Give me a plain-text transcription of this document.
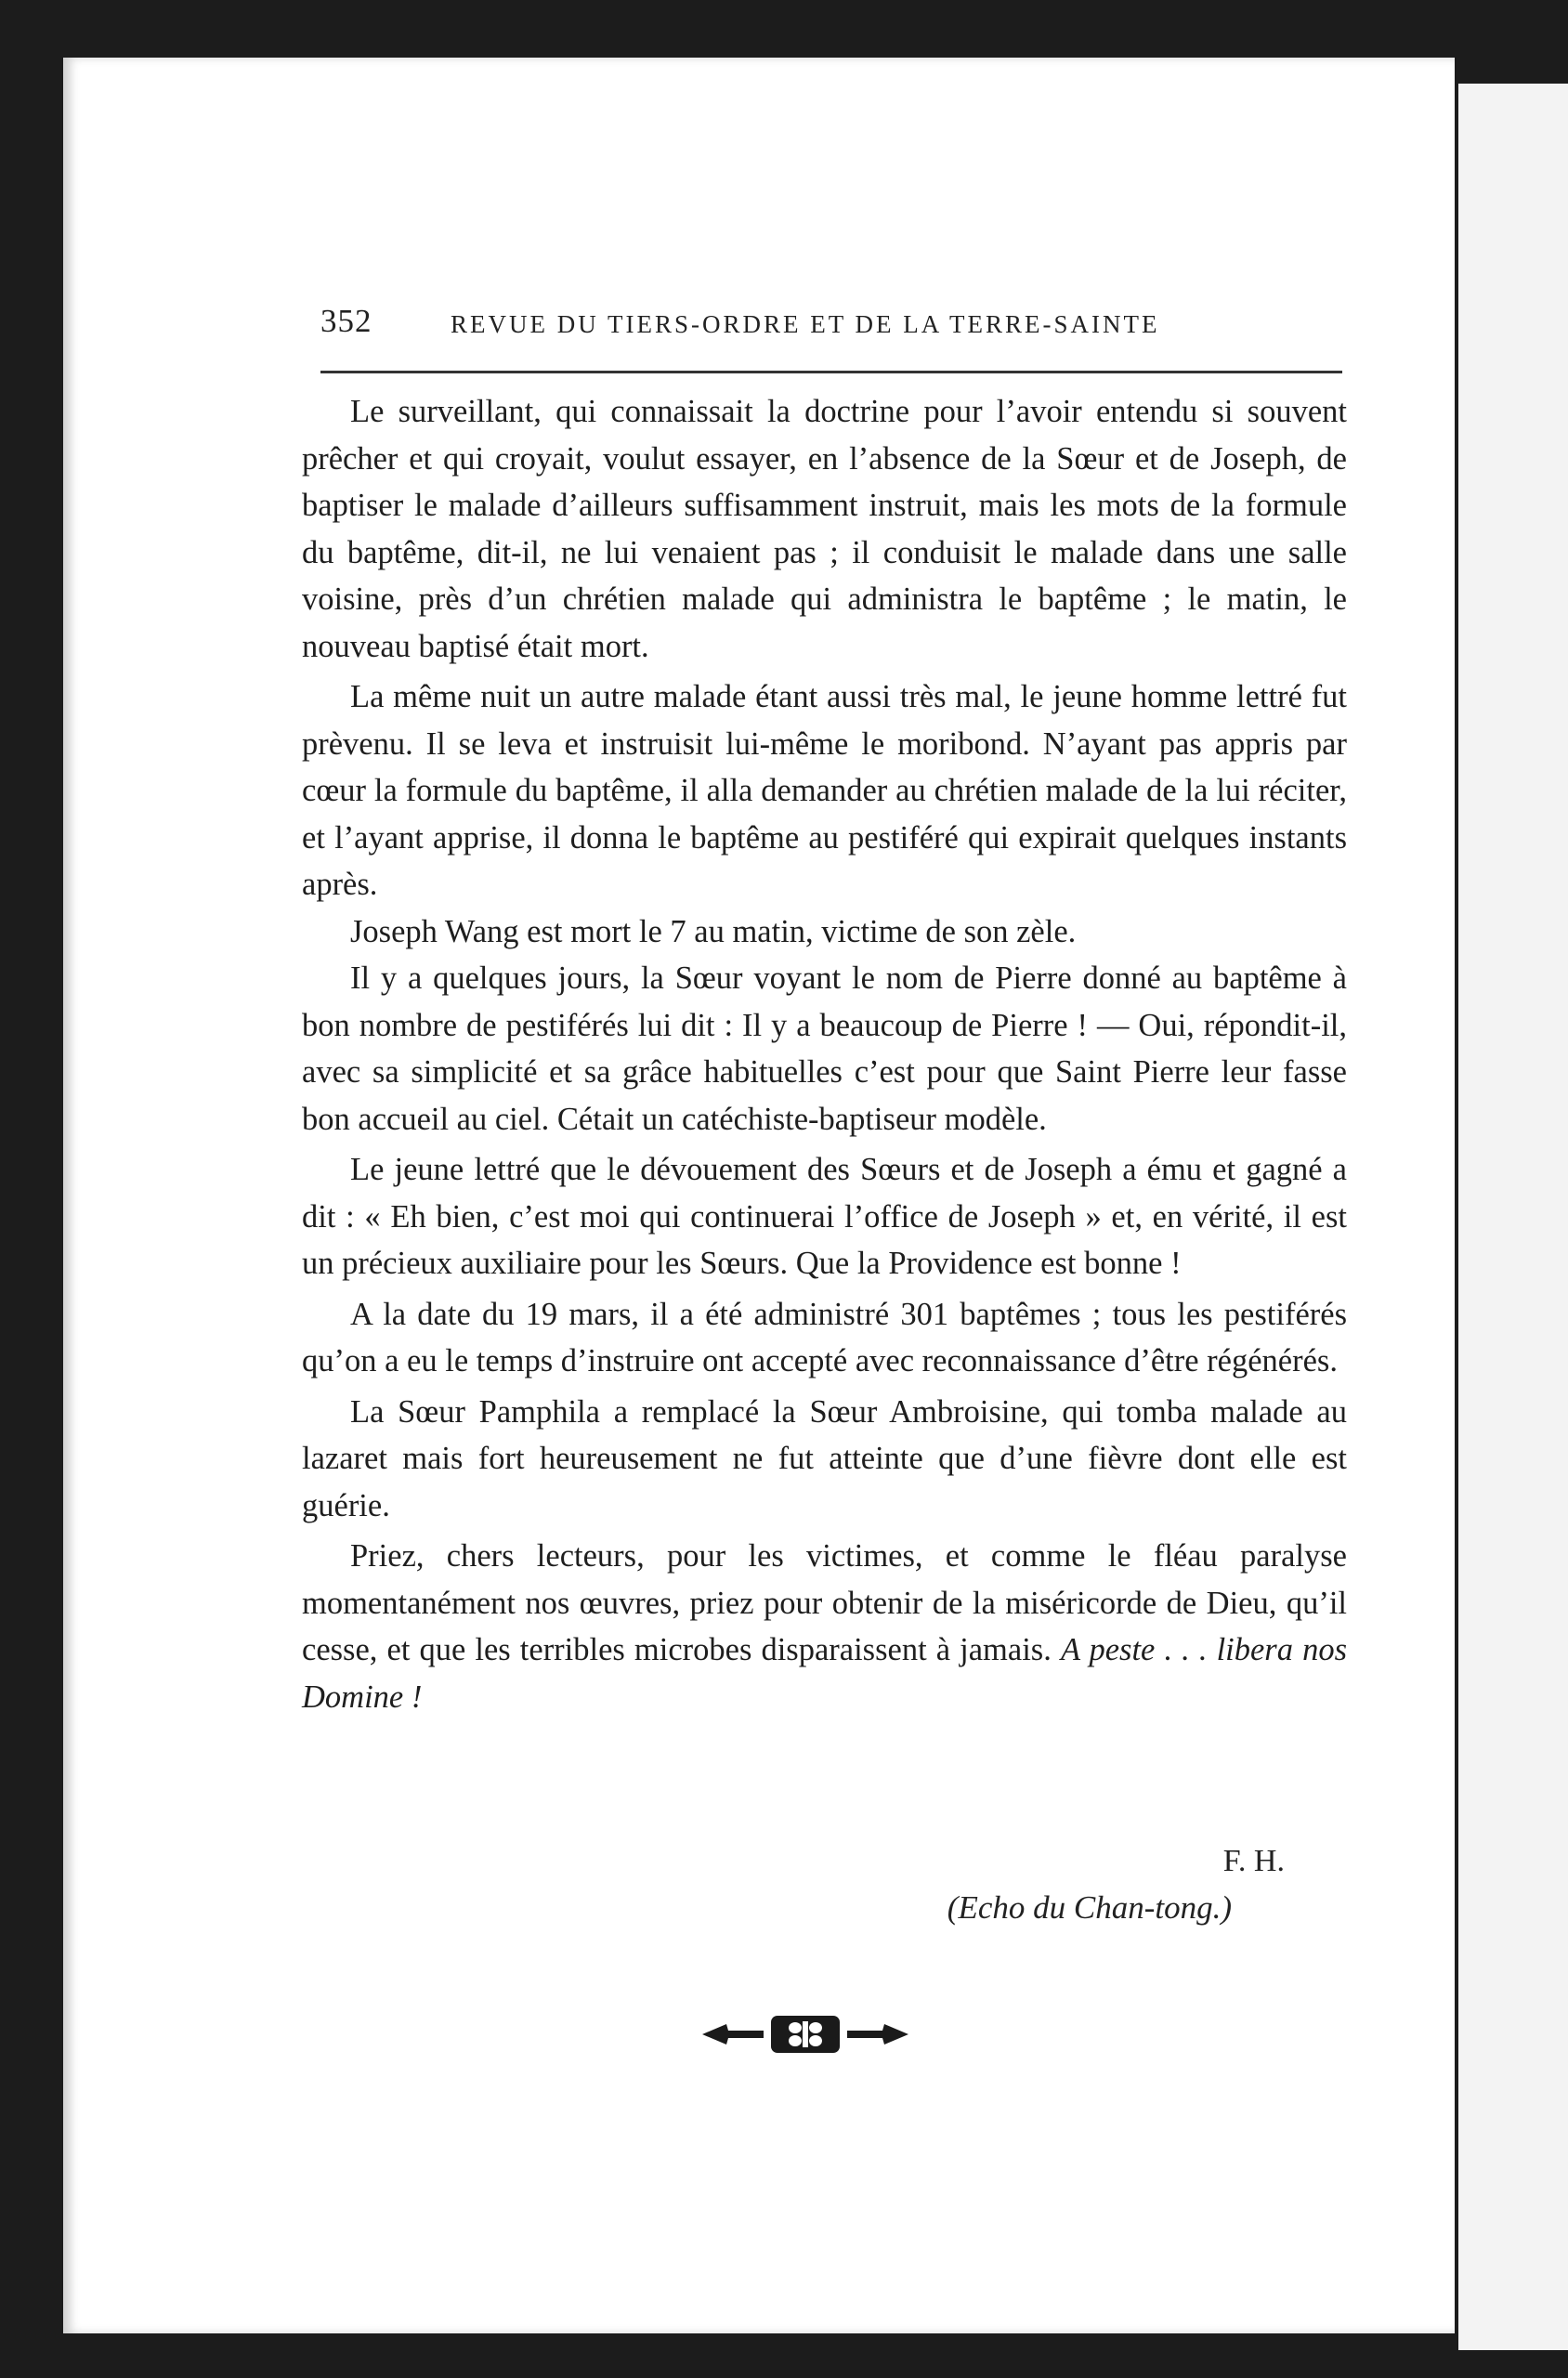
352	REVUE DU TIERS-ORDRE ET DE LA TERRE-SAINTE

Le surveillant, qui connaissait la doctrine pour l’avoir entendu si souvent prêcher et qui croyait, voulut essayer, en l’absence de la Sœur et de Joseph, de baptiser le malade d’ailleurs suffisamment instruit, mais les mots de la formule du baptême, dit-il, ne lui venaient pas ; il conduisit le malade dans une salle voisine, près d’un chrétien malade qui administra le baptême ; le matin, le nouveau baptisé était mort.

La même nuit un autre malade étant aussi très mal, le jeune homme lettré fut prèvenu. Il se leva et instruisit lui-même le moribond. N’ayant pas appris par cœur la formule du baptême, il alla demander au chrétien malade de la lui réciter, et l’ayant apprise, il donna le baptême au pestiféré qui expirait quelques instants après.

Joseph Wang est mort le 7 au matin, victime de son zèle.

Il y a quelques jours, la Sœur voyant le nom de Pierre donné au baptême à bon nombre de pestiférés lui dit : Il y a beaucoup de Pierre ! — Oui, répondit-il, avec sa simplicité et sa grâce habituelles c’est pour que Saint Pierre leur fasse bon accueil au ciel. Cétait un catéchiste-baptiseur modèle.

Le jeune lettré que le dévouement des Sœurs et de Joseph a ému et gagné a dit : « Eh bien, c’est moi qui continuerai l’office de Joseph » et, en vérité, il est un précieux auxiliaire pour les Sœurs. Que la Providence est bonne !

A la date du 19 mars, il a été administré 301 baptêmes ; tous les pestiférés qu’on a eu le temps d’instruire ont accepté avec reconnaissance d’être régénérés.

La Sœur Pamphila a remplacé la Sœur Ambroisine, qui tomba malade au lazaret mais fort heureusement ne fut atteinte que d’une fièvre dont elle est guérie.

Priez, chers lecteurs, pour les victimes, et comme le fléau paralyse momentanément nos œuvres, priez pour obtenir de la miséricorde de Dieu, qu’il cesse, et que les terribles microbes disparaissent à jamais. A peste . . . libera nos Domine !

F. H.
(Echo du Chan-tong.)
